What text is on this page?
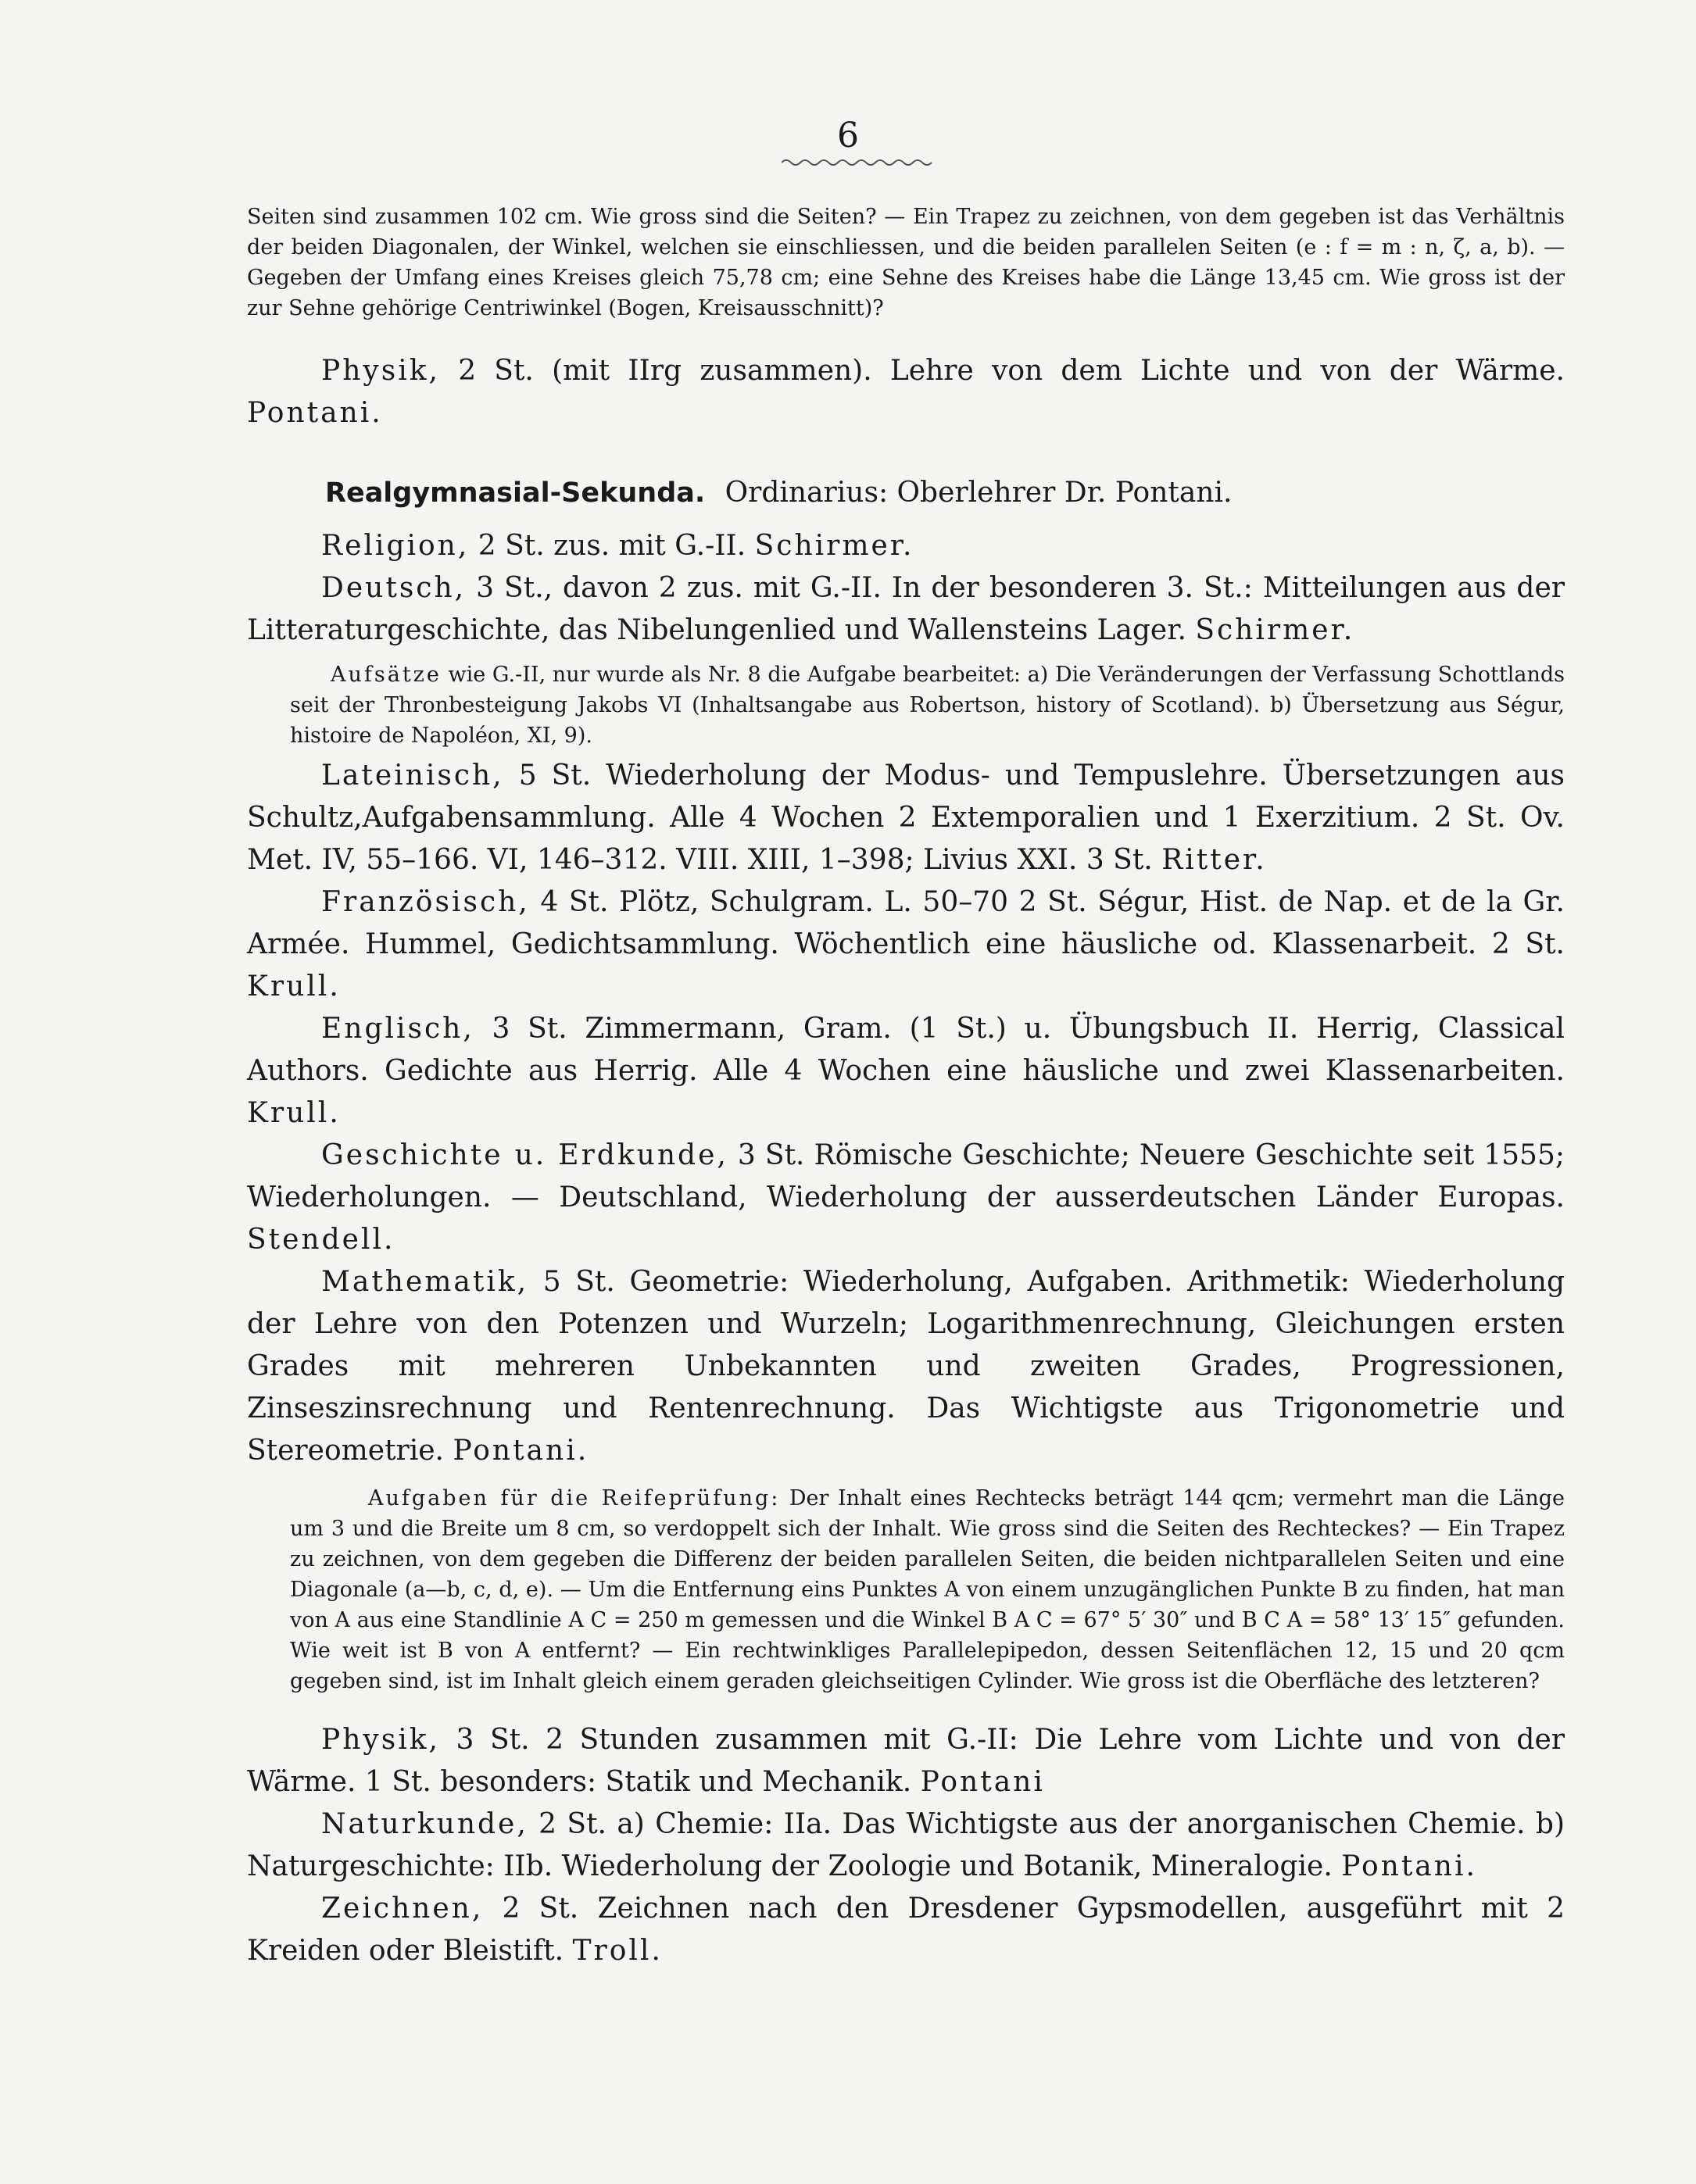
6

Seiten sind zusammen 102 cm. Wie gross sind die Seiten? — Ein Trapez zu zeichnen, von dem gegeben ist das Verhältnis der beiden Diagonalen, der Winkel, welchen sie einschliessen, und die beiden parallelen Seiten (e : f = m : n, ζ, a, b). — Gegeben der Umfang eines Kreises gleich 75,78 cm; eine Sehne des Kreises habe die Länge 13,45 cm. Wie gross ist der zur Sehne gehörige Centriwinkel (Bogen, Kreisausschnitt)?

Physik, 2 St. (mit IIrg zusammen). Lehre von dem Lichte und von der Wärme. Pontani.

Realgymnasial-Sekunda. Ordinarius: Oberlehrer Dr. Pontani.

Religion, 2 St. zus. mit G.-II. Schirmer.

Deutsch, 3 St., davon 2 zus. mit G.-II. In der besonderen 3. St.: Mitteilungen aus der Litteraturgeschichte, das Nibelungenlied und Wallensteins Lager. Schirmer.

Aufsätze wie G.-II, nur wurde als Nr. 8 die Aufgabe bearbeitet: a) Die Veränderungen der Verfassung Schottlands seit der Thronbesteigung Jakobs VI (Inhaltsangabe aus Robertson, history of Scotland). b) Übersetzung aus Ségur, histoire de Napoléon, XI, 9).

Lateinisch, 5 St. Wiederholung der Modus- und Tempuslehre. Übersetzungen aus Schultz,Aufgabensammlung. Alle 4 Wochen 2 Extemporalien und 1 Exerzitium. 2 St. Ov. Met. IV, 55–166. VI, 146–312. VIII. XIII, 1–398; Livius XXI. 3 St. Ritter.

Französisch, 4 St. Plötz, Schulgram. L. 50–70 2 St. Ségur, Hist. de Nap. et de la Gr. Armée. Hummel, Gedichtsammlung. Wöchentlich eine häusliche od. Klassenarbeit. 2 St. Krull.

Englisch, 3 St. Zimmermann, Gram. (1 St.) u. Übungsbuch II. Herrig, Classical Authors. Gedichte aus Herrig. Alle 4 Wochen eine häusliche und zwei Klassenarbeiten. Krull.

Geschichte u. Erdkunde, 3 St. Römische Geschichte; Neuere Geschichte seit 1555; Wiederholungen. — Deutschland, Wiederholung der ausserdeutschen Länder Europas. Stendell.

Mathematik, 5 St. Geometrie: Wiederholung, Aufgaben. Arithmetik: Wiederholung der Lehre von den Potenzen und Wurzeln; Logarithmenrechnung, Gleichungen ersten Grades mit mehreren Unbekannten und zweiten Grades, Progressionen, Zinseszinsrechnung und Rentenrechnung. Das Wichtigste aus Trigonometrie und Stereometrie. Pontani.

Aufgaben für die Reifeprüfung: Der Inhalt eines Rechtecks beträgt 144 qcm; vermehrt man die Länge um 3 und die Breite um 8 cm, so verdoppelt sich der Inhalt. Wie gross sind die Seiten des Rechteckes? — Ein Trapez zu zeichnen, von dem gegeben die Differenz der beiden parallelen Seiten, die beiden nichtparallelen Seiten und eine Diagonale (a—b, c, d, e). — Um die Entfernung eins Punktes A von einem unzugänglichen Punkte B zu finden, hat man von A aus eine Standlinie A C = 250 m gemessen und die Winkel B A C = 67° 5′ 30″ und B C A = 58° 13′ 15″ gefunden. Wie weit ist B von A entfernt? — Ein rechtwinkliges Parallelepipedon, dessen Seitenflächen 12, 15 und 20 qcm gegeben sind, ist im Inhalt gleich einem geraden gleichseitigen Cylinder. Wie gross ist die Oberfläche des letzteren?

Physik, 3 St. 2 Stunden zusammen mit G.-II: Die Lehre vom Lichte und von der Wärme. 1 St. besonders: Statik und Mechanik. Pontani

Naturkunde, 2 St. a) Chemie: IIa. Das Wichtigste aus der anorganischen Chemie. b) Naturgeschichte: IIb. Wiederholung der Zoologie und Botanik, Mineralogie. Pontani.

Zeichnen, 2 St. Zeichnen nach den Dresdener Gypsmodellen, ausgeführt mit 2 Kreiden oder Bleistift. Troll.
